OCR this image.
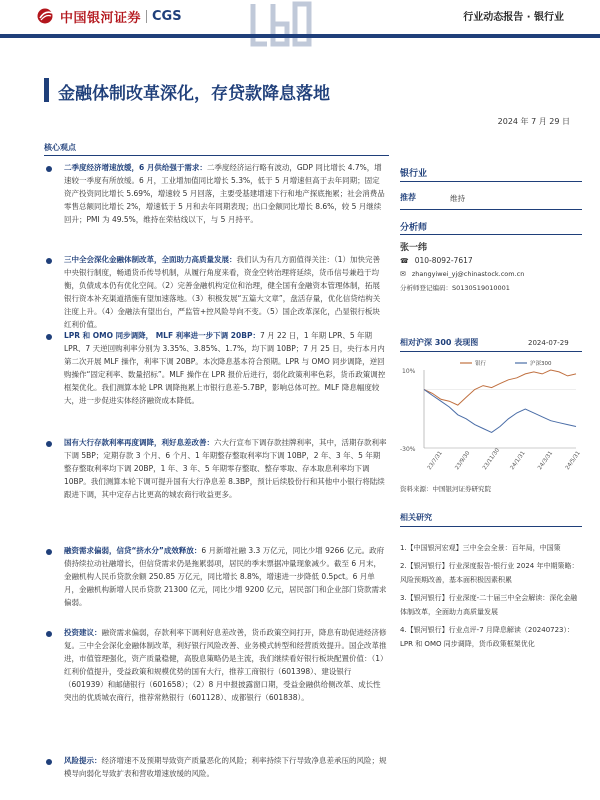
中国银河证券 CGS	行业动态报告 · 银行业
金融体制改革深化，存贷款降息落地
2024 年 7 月 29 日
核心观点

二季度经济增速放缓，6 月供给强于需求：二季度经济运行略有波动，GDP 同比增长 4.7%，增速较一季度有所放缓。6 月，工业增加值同比增长 5.3%，低于 5 月增速但高于去年同期；固定资产投资同比增长 5.69%，增速较 5 月回落，主要受基建增速下行和地产探底拖累；社会消费品零售总额同比增长 2%，增速低于 5 月和去年同期表现；出口金额同比增长 8.6%，较 5 月继续回升；PMI 为 49.5%，维持在荣枯线以下，与 5 月持平。

三中全会深化金融体制改革，全面助力高质量发展：我们认为有几方面值得关注：（1）加快完善中央银行制度，畅通货币传导机制，从履行角度来看，资金空转治理将延续，货币信号兼趋于均衡，负债成本仍有优化空间。（2）完善金融机构定位和治理，健全国有金融资本管理体制，拓展银行资本补充渠道措施有望加速落地。（3）积极发展“五篇大文章”，盘活存量，优化信贷结构关注度上升。（4）金融法有望出台，严监管+控风险导向不变。（5）国企改革深化，凸显银行板块红利价值。

LPR 和 OMO 同步调降， MLF 利率进一步下调 20BP：7 月 22 日，1 年期 LPR、5 年期 LPR、7 天逆回购利率分别为 3.35%、3.85%、1.7%，均下调 10BP；7 月 25 日，央行本月内第二次开展 MLF 操作，利率下调 20BP。本次降息基本符合预期。LPR 与 OMO 同步调降，逆回购操作“固定利率、数量招标”。MLF 操作在 LPR 报价后进行，弱化政策利率色彩，货币政策调控框架优化。我们测算本轮 LPR 调降拖累上市银行息差-5.7BP，影响总体可控。MLF 降息幅度较大，进一步促进实体经济融资成本降低。

国有大行存款利率再度调降，利好息差改善：六大行宣布下调存款挂牌利率，其中，活期存款利率下调 5BP；定期存款 3 个月、6 个月、1 年期整存整取利率均下调 10BP，2 年、3 年、5 年期整存整取利率均下调 20BP，1 年、3 年、5 年期零存整取、整存零取、存本取息利率均下调 10BP。我们测算本轮下调可提升国有大行净息差 8.3BP，预计后续股份行和其他中小银行将陆续跟进下调，其中定存占比更高的城农商行收益更多。

融资需求偏弱，信贷“挤水分”成效释放：6 月新增社融 3.3 万亿元，同比少增 9266 亿元。政府债持续拉动社融增长，但信贷需求仍是拖累弱项，居民的季末票据冲量现象减少。截至 6 月末，金融机构人民币贷款余额 250.85 万亿元，同比增长 8.8%，增速进一步降低 0.5pct。6 月单月，金融机构新增人民币贷款 21300 亿元，同比少增 9200 亿元，居民部门和企业部门贷款需求偏弱。

投资建议：融资需求偏弱，存款利率下调利好息差改善，货币政策空间打开，降息有助促进经济修复。三中全会深化金融体制改革，利好银行风险改善、业务模式转型和经营质效提升。国企改革推进，市值管理强化，资产质量稳健，高股息策略仍是主流，我们继续看好银行板块配置价值：（1）红利价值提升，受益政策和规模优势的国有大行，推荐工商银行（601398）、建设银行（601939）和邮储银行（601658）；（2）8 月中报披露窗口期，受益金融供给侧改革、成长性突出的优质城农商行，推荐常熟银行（601128）、成都银行（601838）。

风险提示：经济增速不及预期导致资产质量恶化的风险；利率持续下行导致净息差承压的风险；规模导向弱化导致扩表和营收增速放缓的风险。

银行业
推荐	维持
分析师
张一纬
☎ 010-8092-7617
✉ zhangyiwei_yj@chinastock.com.cn
分析师登记编码：S0130519010001
相对沪深 300 表现图	2024-07-29
10%
-30%
23/7/31 23/9/30 23/11/30 24/1/31 24/3/31 24/5/31
银行	沪深300
资料来源：中国银河证券研究院
相关研究
1.【中国银河宏观】三中全会全景：百年局，中国策
2.【银河银行】行业深度报告-银行业 2024 年中期策略：风险预期改善，基本面积极因素积累
3.【银河银行】行业深度-二十届三中全会解读：深化金融体制改革，全面助力高质量发展
4.【银河银行】行业点评-7 月降息解读（20240723）：LPR 和 OMO 同步调降，货币政策框架优化
